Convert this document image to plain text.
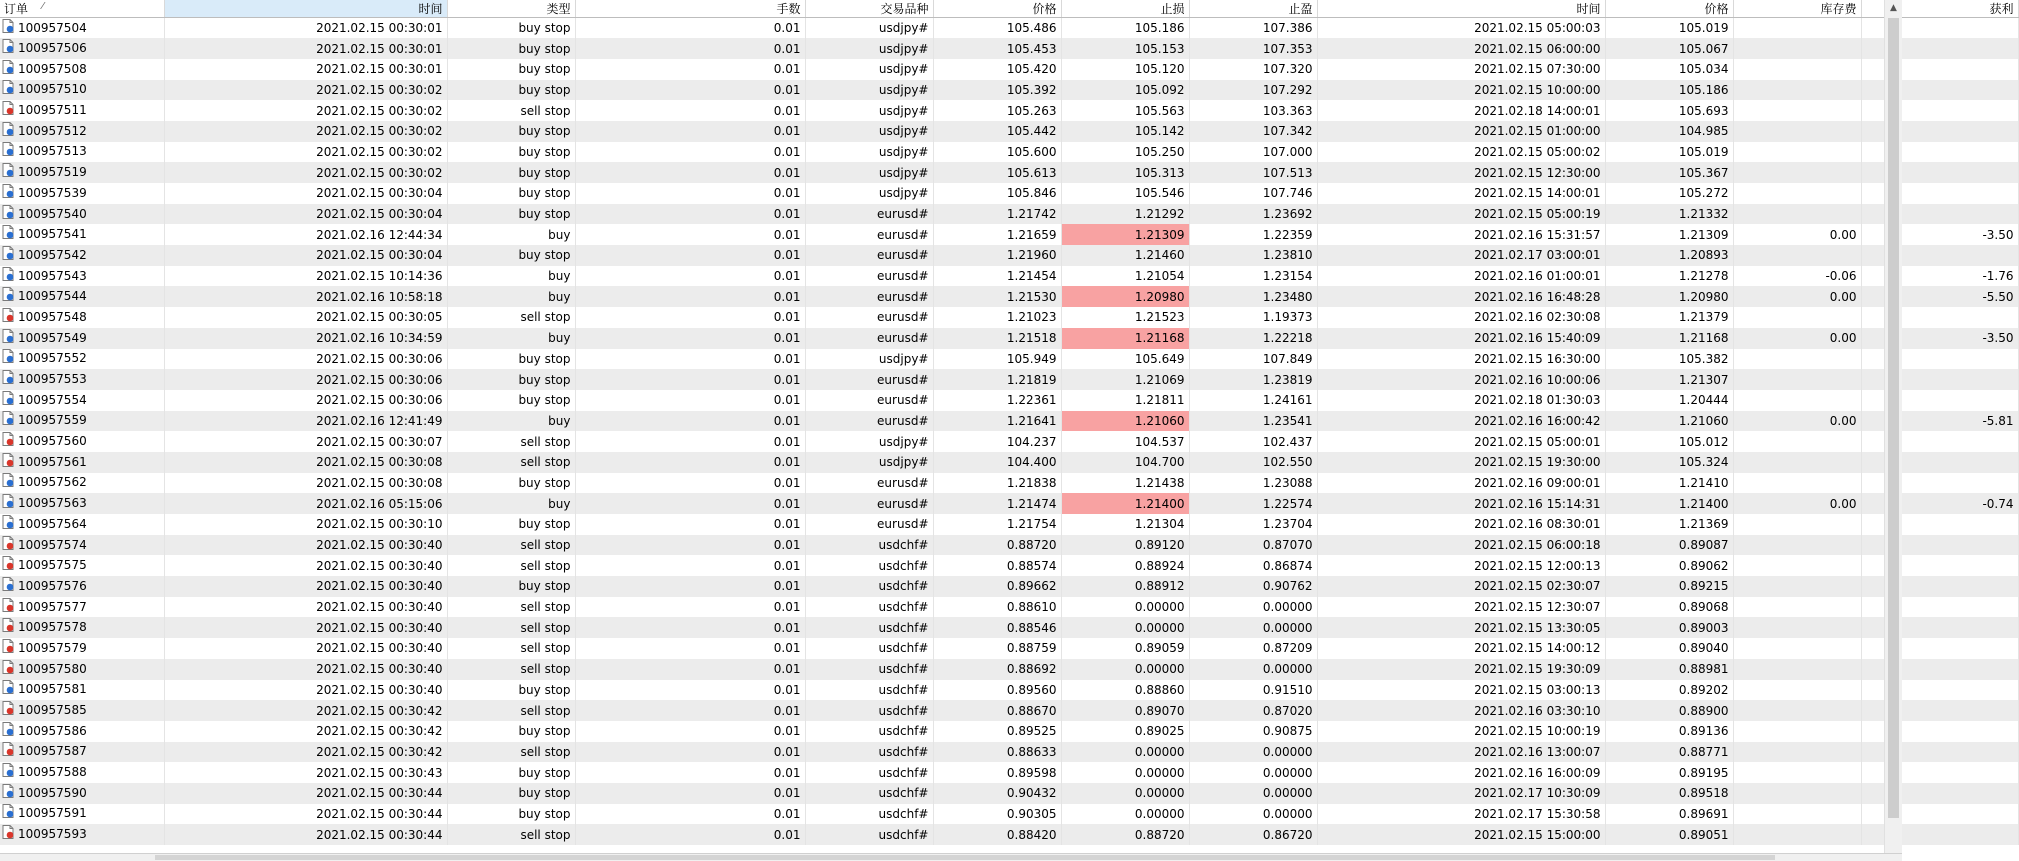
订单 ⁄	时间	类型	手数	交易品种	价格	止损	止盈	时间	价格	库存费	获利
100957504	2021.02.15 00:30:01	buy stop	0.01	usdjpy#	105.486	105.186	107.386	2021.02.15 05:00:03	105.019		
100957506	2021.02.15 00:30:01	buy stop	0.01	usdjpy#	105.453	105.153	107.353	2021.02.15 06:00:00	105.067		
100957508	2021.02.15 00:30:01	buy stop	0.01	usdjpy#	105.420	105.120	107.320	2021.02.15 07:30:00	105.034		
100957510	2021.02.15 00:30:02	buy stop	0.01	usdjpy#	105.392	105.092	107.292	2021.02.15 10:00:00	105.186		
100957511	2021.02.15 00:30:02	sell stop	0.01	usdjpy#	105.263	105.563	103.363	2021.02.18 14:00:01	105.693		
100957512	2021.02.15 00:30:02	buy stop	0.01	usdjpy#	105.442	105.142	107.342	2021.02.15 01:00:00	104.985		
100957513	2021.02.15 00:30:02	buy stop	0.01	usdjpy#	105.600	105.250	107.000	2021.02.15 05:00:02	105.019		
100957519	2021.02.15 00:30:02	buy stop	0.01	usdjpy#	105.613	105.313	107.513	2021.02.15 12:30:00	105.367		
100957539	2021.02.15 00:30:04	buy stop	0.01	usdjpy#	105.846	105.546	107.746	2021.02.15 14:00:01	105.272		
100957540	2021.02.15 00:30:04	buy stop	0.01	eurusd#	1.21742	1.21292	1.23692	2021.02.15 05:00:19	1.21332		
100957541	2021.02.16 12:44:34	buy	0.01	eurusd#	1.21659	1.21309	1.22359	2021.02.16 15:31:57	1.21309	0.00	-3.50
100957542	2021.02.15 00:30:04	buy stop	0.01	eurusd#	1.21960	1.21460	1.23810	2021.02.17 03:00:01	1.20893		
100957543	2021.02.15 10:14:36	buy	0.01	eurusd#	1.21454	1.21054	1.23154	2021.02.16 01:00:01	1.21278	-0.06	-1.76
100957544	2021.02.16 10:58:18	buy	0.01	eurusd#	1.21530	1.20980	1.23480	2021.02.16 16:48:28	1.20980	0.00	-5.50
100957548	2021.02.15 00:30:05	sell stop	0.01	eurusd#	1.21023	1.21523	1.19373	2021.02.16 02:30:08	1.21379		
100957549	2021.02.16 10:34:59	buy	0.01	eurusd#	1.21518	1.21168	1.22218	2021.02.16 15:40:09	1.21168	0.00	-3.50
100957552	2021.02.15 00:30:06	buy stop	0.01	usdjpy#	105.949	105.649	107.849	2021.02.15 16:30:00	105.382		
100957553	2021.02.15 00:30:06	buy stop	0.01	eurusd#	1.21819	1.21069	1.23819	2021.02.16 10:00:06	1.21307		
100957554	2021.02.15 00:30:06	buy stop	0.01	eurusd#	1.22361	1.21811	1.24161	2021.02.18 01:30:03	1.20444		
100957559	2021.02.16 12:41:49	buy	0.01	eurusd#	1.21641	1.21060	1.23541	2021.02.16 16:00:42	1.21060	0.00	-5.81
100957560	2021.02.15 00:30:07	sell stop	0.01	usdjpy#	104.237	104.537	102.437	2021.02.15 05:00:01	105.012		
100957561	2021.02.15 00:30:08	sell stop	0.01	usdjpy#	104.400	104.700	102.550	2021.02.15 19:30:00	105.324		
100957562	2021.02.15 00:30:08	buy stop	0.01	eurusd#	1.21838	1.21438	1.23088	2021.02.16 09:00:01	1.21410		
100957563	2021.02.16 05:15:06	buy	0.01	eurusd#	1.21474	1.21400	1.22574	2021.02.16 15:14:31	1.21400	0.00	-0.74
100957564	2021.02.15 00:30:10	buy stop	0.01	eurusd#	1.21754	1.21304	1.23704	2021.02.16 08:30:01	1.21369		
100957574	2021.02.15 00:30:40	sell stop	0.01	usdchf#	0.88720	0.89120	0.87070	2021.02.15 06:00:18	0.89087		
100957575	2021.02.15 00:30:40	sell stop	0.01	usdchf#	0.88574	0.88924	0.86874	2021.02.15 12:00:13	0.89062		
100957576	2021.02.15 00:30:40	buy stop	0.01	usdchf#	0.89662	0.88912	0.90762	2021.02.15 02:30:07	0.89215		
100957577	2021.02.15 00:30:40	sell stop	0.01	usdchf#	0.88610	0.00000	0.00000	2021.02.15 12:30:07	0.89068		
100957578	2021.02.15 00:30:40	sell stop	0.01	usdchf#	0.88546	0.00000	0.00000	2021.02.15 13:30:05	0.89003		
100957579	2021.02.15 00:30:40	sell stop	0.01	usdchf#	0.88759	0.89059	0.87209	2021.02.15 14:00:12	0.89040		
100957580	2021.02.15 00:30:40	sell stop	0.01	usdchf#	0.88692	0.00000	0.00000	2021.02.15 19:30:09	0.88981		
100957581	2021.02.15 00:30:40	buy stop	0.01	usdchf#	0.89560	0.88860	0.91510	2021.02.15 03:00:13	0.89202		
100957585	2021.02.15 00:30:42	sell stop	0.01	usdchf#	0.88670	0.89070	0.87020	2021.02.16 03:30:10	0.88900		
100957586	2021.02.15 00:30:42	buy stop	0.01	usdchf#	0.89525	0.89025	0.90875	2021.02.15 10:00:19	0.89136		
100957587	2021.02.15 00:30:42	sell stop	0.01	usdchf#	0.88633	0.00000	0.00000	2021.02.16 13:00:07	0.88771		
100957588	2021.02.15 00:30:43	buy stop	0.01	usdchf#	0.89598	0.00000	0.00000	2021.02.16 16:00:09	0.89195		
100957590	2021.02.15 00:30:44	buy stop	0.01	usdchf#	0.90432	0.00000	0.00000	2021.02.17 10:30:09	0.89518		
100957591	2021.02.15 00:30:44	buy stop	0.01	usdchf#	0.90305	0.00000	0.00000	2021.02.17 15:30:58	0.89691		
100957593	2021.02.15 00:30:44	sell stop	0.01	usdchf#	0.88420	0.88720	0.86720	2021.02.15 15:00:00	0.89051		
▲
